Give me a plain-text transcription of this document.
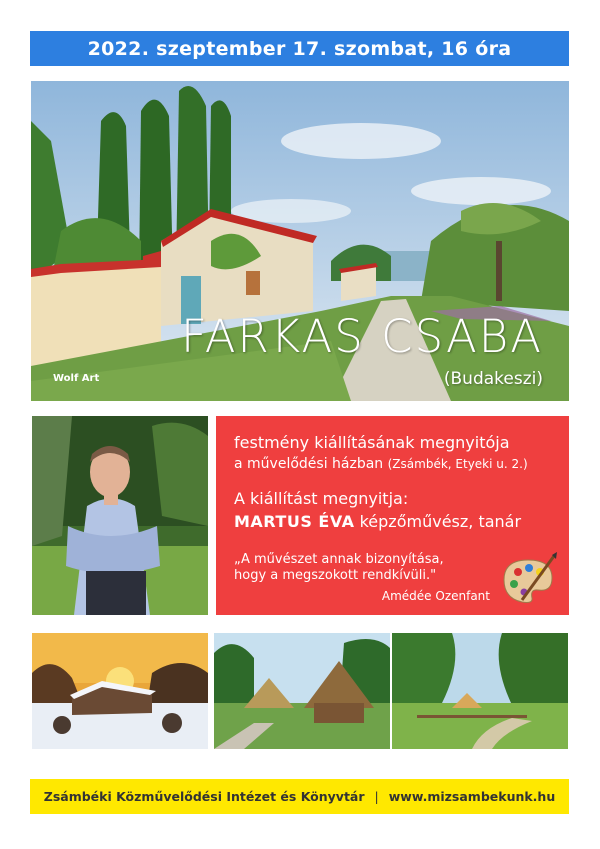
2022. szeptember 17. szombat, 16 óra
Wolf Art
FARKAS CSABA
(Budakeszi)
festmény kiállításának megnyitója
a művelődési házban (Zsámbék, Etyeki u. 2.)
A kiállítást megnyitja:
MARTUS ÉVA képzőművész, tanár
„A művészet annak bizonyítása,
hogy a megszokott rendkívüli."
Amédée Ozenfant
Zsámbéki Közművelődési Intézet és Könyvtár | www.mizsambekunk.hu
